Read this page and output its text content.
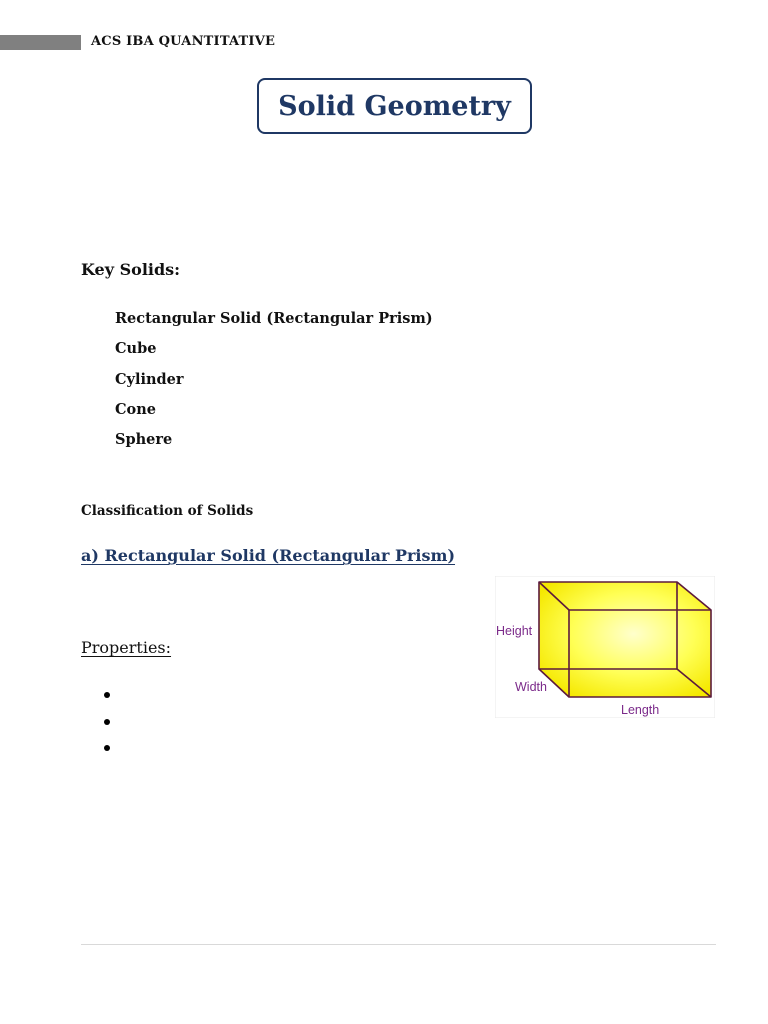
ACS IBA QUANTITATIVE
Solid Geometry
Key Solids:
Rectangular Solid (Rectangular Prism)
Cube
Cylinder
Cone
Sphere
Classification of Solids
a) Rectangular Solid (Rectangular Prism)
Properties:
Height
Width
Length
